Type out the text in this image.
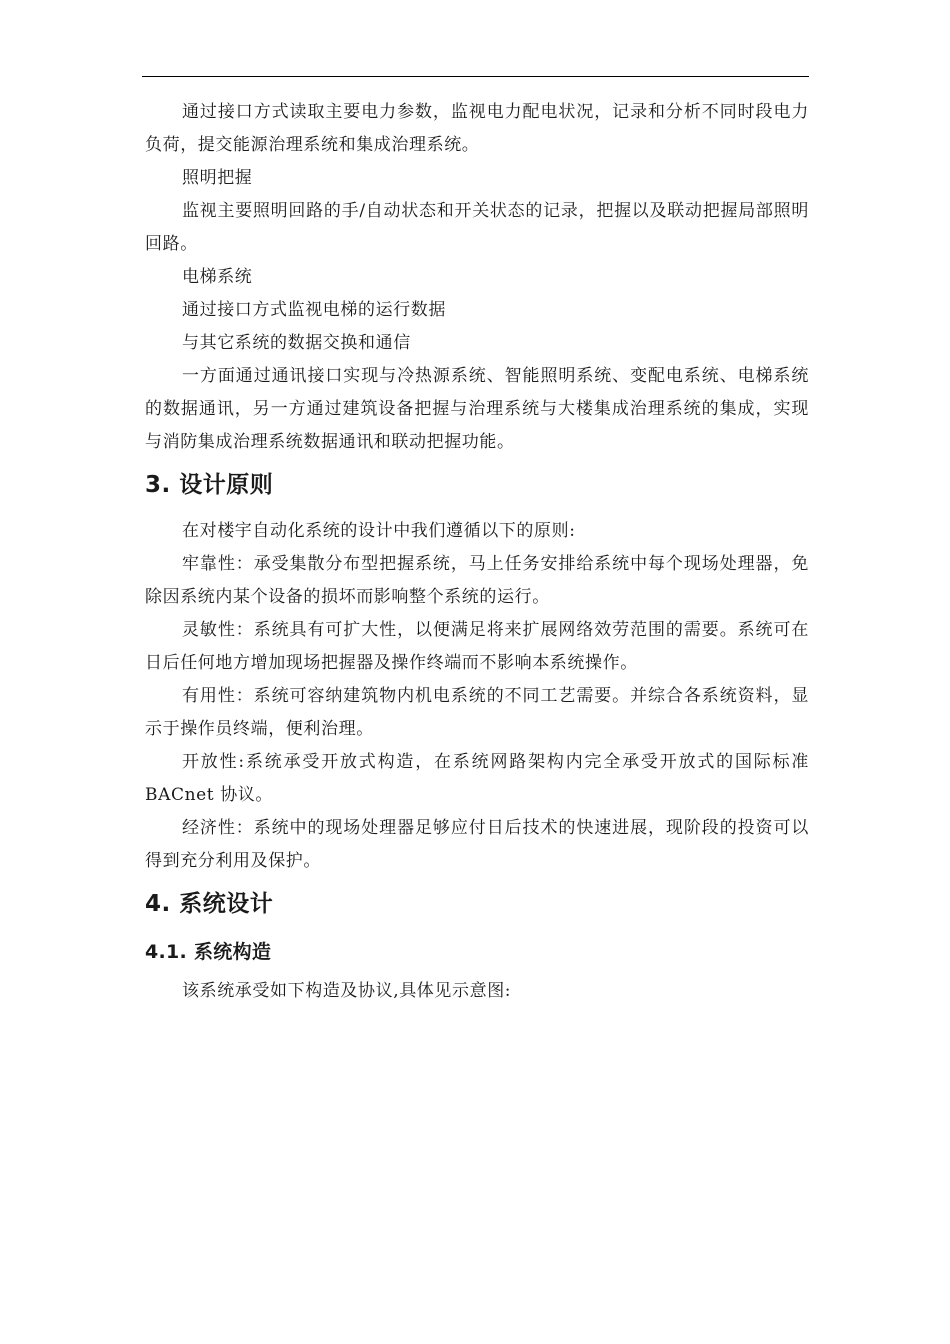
通过接口方式读取主要电力参数，监视电力配电状况，记录和分析不同时段电力负荷，提交能源治理系统和集成治理系统。

照明把握

监视主要照明回路的手/自动状态和开关状态的记录，把握以及联动把握局部照明回路。

电梯系统

通过接口方式监视电梯的运行数据

与其它系统的数据交换和通信

一方面通过通讯接口实现与冷热源系统、智能照明系统、变配电系统、电梯系统的数据通讯，另一方通过建筑设备把握与治理系统与大楼集成治理系统的集成，实现与消防集成治理系统数据通讯和联动把握功能。

3. 设计原则

在对楼宇自动化系统的设计中我们遵循以下的原则:

牢靠性：承受集散分布型把握系统，马上任务安排给系统中每个现场处理器，免除因系统内某个设备的损坏而影响整个系统的运行。

灵敏性：系统具有可扩大性，以便满足将来扩展网络效劳范围的需要。系统可在日后任何地方增加现场把握器及操作终端而不影响本系统操作。

有用性：系统可容纳建筑物内机电系统的不同工艺需要。并综合各系统资料，显示于操作员终端，便利治理。

开放性:系统承受开放式构造，在系统网路架构内完全承受开放式的国际标准 BACnet 协议。

经济性：系统中的现场处理器足够应付日后技术的快速进展，现阶段的投资可以得到充分利用及保护。

4. 系统设计
4.1. 系统构造

该系统承受如下构造及协议,具体见示意图:
